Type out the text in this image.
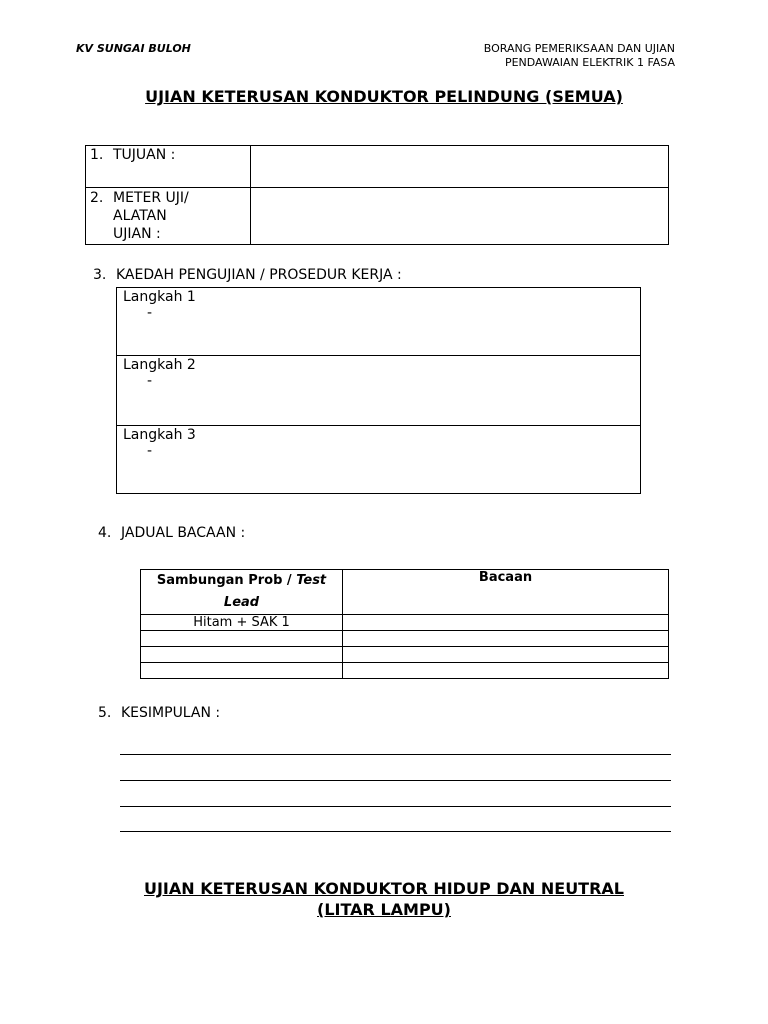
KV SUNGAI BULOH	BORANG PEMERIKSAAN DAN UJIAN
PENDAWAIAN ELEKTRIK 1 FASA
UJIAN KETERUSAN KONDUKTOR PELINDUNG (SEMUA)
1. TUJUAN :	

2. METER UJI/
ALATAN
UJIAN :	

3. KAEDAH PENGUJIAN / PROSEDUR KERJA :
Langkah 1
-

Langkah 2
-

Langkah 3
-
4. JADUAL BACAAN :
Sambungan Prob / Test Lead	Bacaan
Hitam + SAK 1	

5. KESIMPULAN :
UJIAN KETERUSAN KONDUKTOR HIDUP DAN NEUTRAL
(LITAR LAMPU)
